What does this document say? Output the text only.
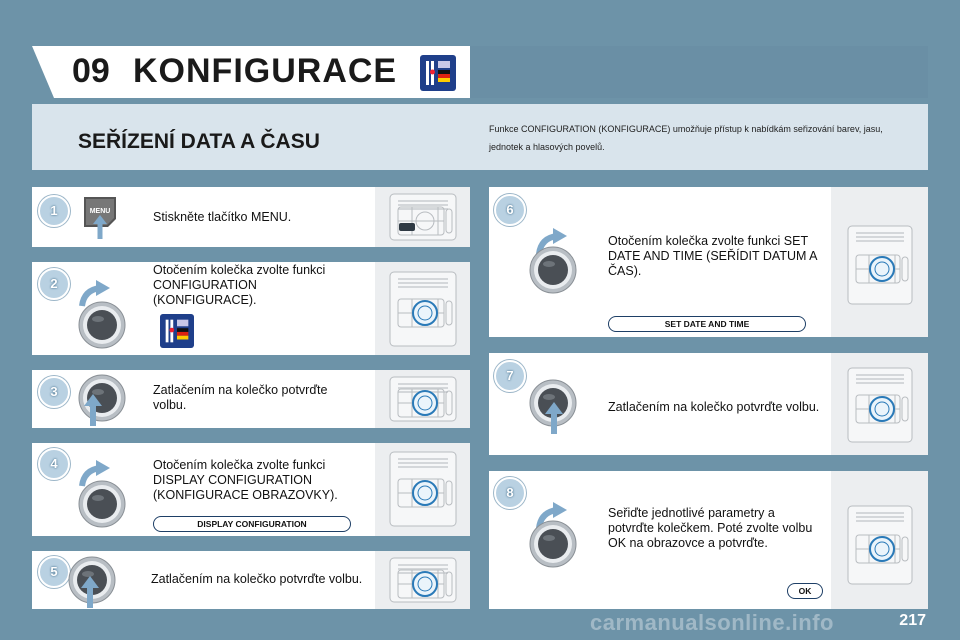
09 KONFIGURACE
SEŘÍZENÍ DATA A ČASU
Funkce CONFIGURATION (KONFIGURACE) umožňuje přístup k nabídkám seřizování barev, jasu, jednotek a hlasových povelů.
1	MENU	Stiskněte tlačítko MENU.
2
Otočením kolečka zvolte funkci CONFIGURATION (KONFIGURACE).
3	Zatlačením na kolečko potvrďte volbu.
4	Otočením kolečka zvolte funkci DISPLAY CONFIGURATION (KONFIGURACE OBRAZOVKY).
DISPLAY CONFIGURATION
5	Zatlačením na kolečko potvrďte volbu.
6
Otočením kolečka zvolte funkci SET DATE AND TIME (SEŘÍDIT DATUM A ČAS).
SET DATE AND TIME
7
Zatlačením na kolečko potvrďte volbu.
8
Seřiďte jednotlivé parametry a potvrďte kolečkem. Poté zvolte volbu OK na obrazovce a potvrďte.
OK
carmanualsonline.info	217
